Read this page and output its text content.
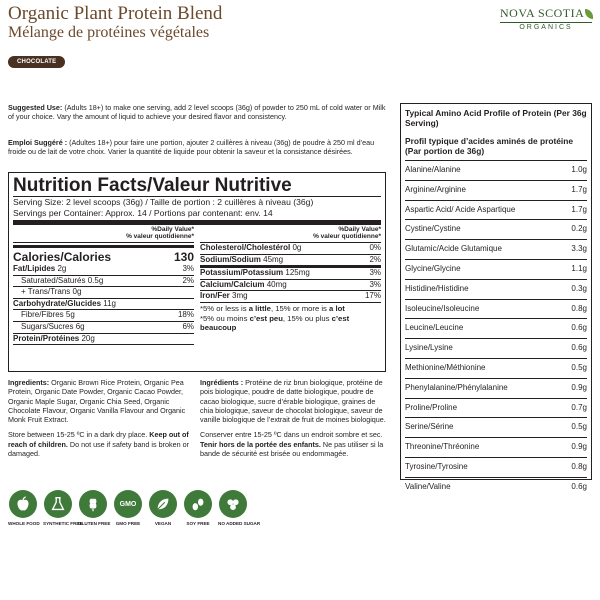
Organic Plant Protein Blend
Mélange de protéines végétales
CHOCOLATE
NOVA SCOTIA
ORGANICS
Suggested Use: (Adults 18+) to make one serving, add 2 level scoops (36g) of powder to 250 mL of cold water or Milk of your choice. Vary the amount of liquid to achieve your desired flavor and consistency.
Emploi Suggéré : (Adultes 18+) pour faire une portion, ajouter 2 cuillères à niveau (36g) de poudre à 250 ml d’eau froide ou de lait de votre choix. Varier la quantité de liquide pour obtenir la saveur et la consistance désirées.
Nutrition Facts/Valeur Nutritive
Serving Size: 2 level scoops (36g) / Taille de portion : 2 cuillères à niveau (36g)
Servings per Container: Approx. 14 / Portions par contenant: env. 14
%Daily Value*
% valeur quotidienne*
Calories/Calories	130
Fat/Lipides 2g	3%
Saturated/Saturés 0.5g	2%
+ Trans/Trans 0g
Carbohydrate/Glucides 11g
Fibre/Fibres 5g	18%
Sugars/Sucres 6g	6%
Protein/Protéines 20g
%Daily Value*
% valeur quotidienne*
Cholesterol/Cholestérol 0g	0%
Sodium/Sodium 45mg	2%
Potassium/Potassium 125mg	3%
Calcium/Calcium 40mg	3%
Iron/Fer 3mg	17%
*5% or less is a little, 15% or more is a lot
*5% ou moins c’est peu, 15% ou plus c’est beaucoup
Ingredients: Organic Brown Rice Protein, Organic Pea Protein, Organic Date Powder, Organic Cacao Powder, Organic Maple Sugar, Organic Chia Seed, Organic Chocolate Flavour, Organic Vanilla Flavour and Organic Monk Fruit Extract.
Store between 15-25 ºC in a dark dry place. Keep out of reach of children. Do not use if safety band is broken or damaged.
Ingrédients : Protéine de riz brun biologique, protéine de pois biologique, poudre de datte biologique, poudre de cacao biologique, sucre d’érable biologique, graines de chia biologique, saveur de chocolat biologique, saveur de vanille biologique de l’extrait de fruit de moines biologique.
Conserver entre 15-25 ºC dans un endroit sombre et sec. Tenir hors de la portée des enfants. Ne pas utiliser si la bande de sécurité est brisée ou endommagée.
Typical Amino Acid Profile of Protein (Per 36g Serving)
Profil typique d’acides aminés de protéine (Par portion de 36g)
Alanine/Alanine	1.0g
Arginine/Arginine	1.7g
Aspartic Acid/ Acide Aspartique	1.7g
Cystine/Cystine	0.2g
Glutamic/Acide Glutamique	3.3g
Glycine/Glycine	1.1g
Histidine/Histidine	0.3g
Isoleucine/Isoleucine	0.8g
Leucine/Leucine	0.6g
Lysine/Lysine	0.6g
Methionine/Méthionine	0.5g
Phenylalanine/Phénylalanine	0.9g
Proline/Proline	0.7g
Serine/Sérine	0.5g
Threonine/Thréonine	0.9g
Tyrosine/Tyrosine	0.8g
Valine/Valine	0.6g
WHOLE FOOD SYNTHETIC FREE
GLUTEN FREE
GMO
GMO FREE	VEGAN	SOY FREE	NO ADDED SUGAR
